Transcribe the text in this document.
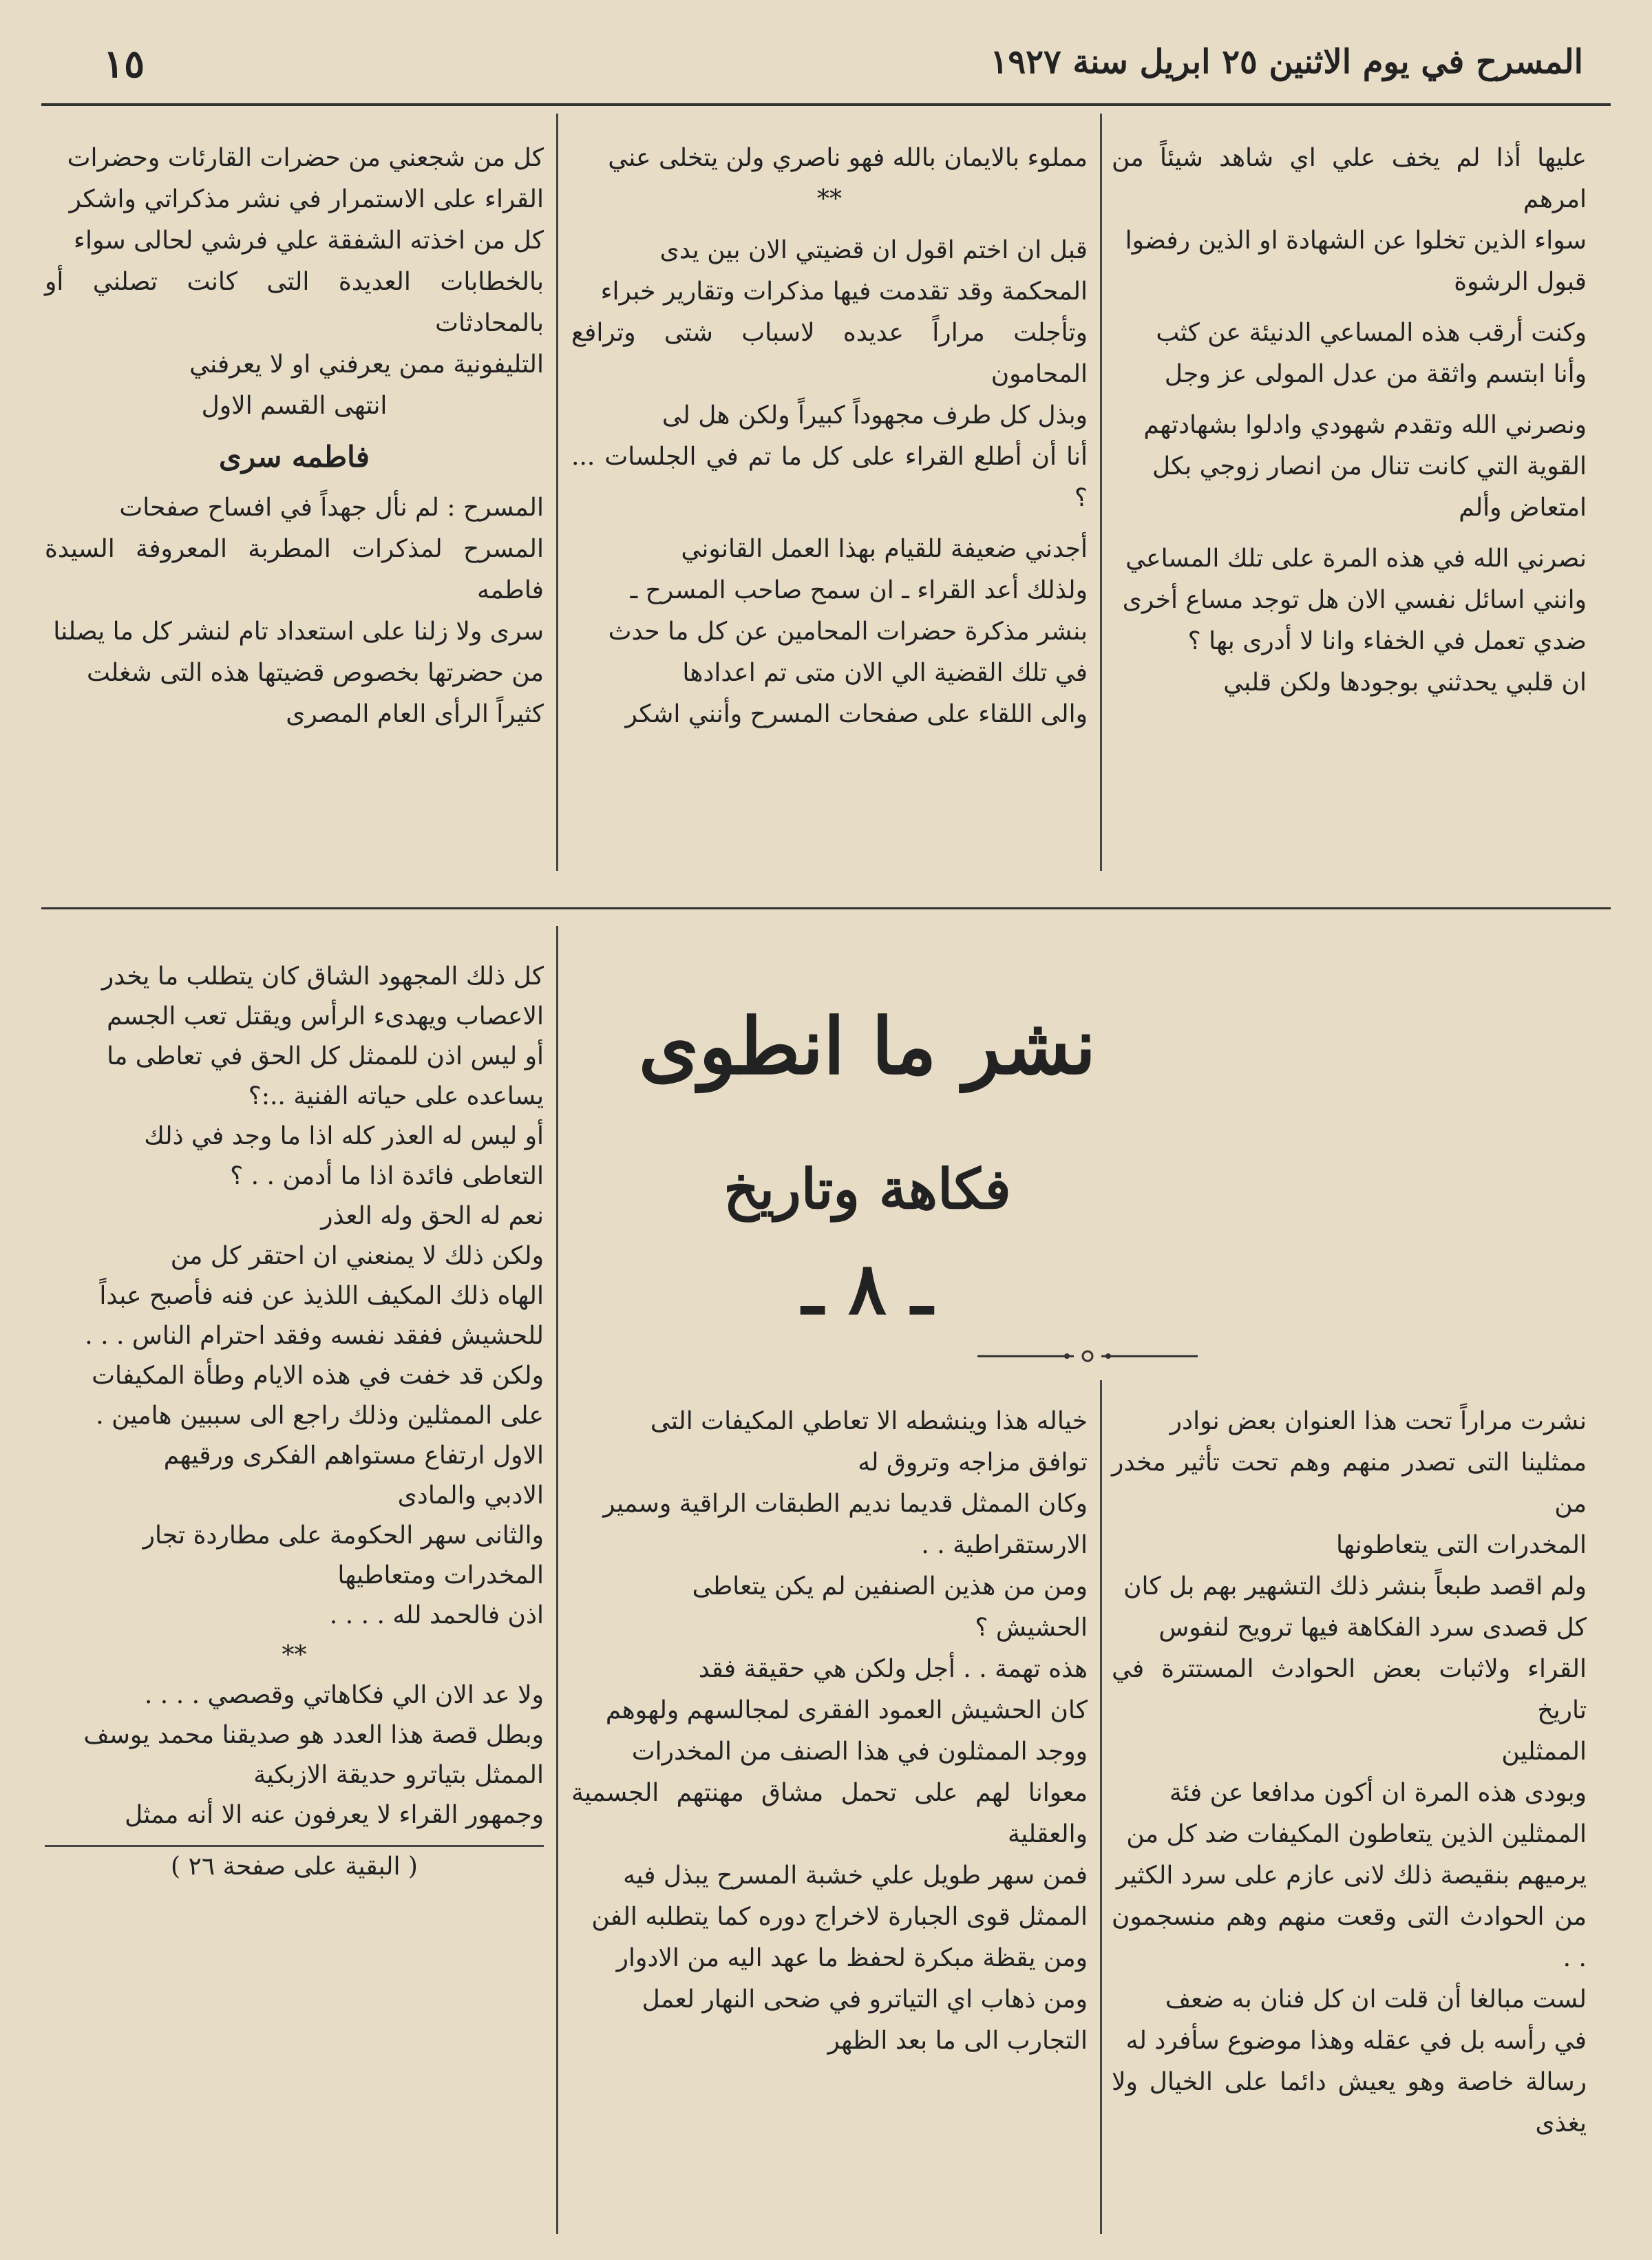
١٥	المسرح في يوم الاثنين ٢٥ ابريل سنة ١٩٢٧

عليها أذا لم يخف علي اي شاهد شيئاً من امرهم

سواء الذين تخلوا عن الشهادة او الذين رفضوا

قبول الرشوة

وكنت أرقب هذه المساعي الدنيئة عن كثب

وأنا ابتسم واثقة من عدل المولى عز وجل

ونصرني الله وتقدم شهودي وادلوا بشهادتهم

القوية التي كانت تنال من انصار زوجي بكل

امتعاض وألم

نصرني الله في هذه المرة على تلك المساعي

وانني اسائل نفسي الان هل توجد مساع أخرى

ضدي تعمل في الخفاء وانا لا أدرى بها ؟

ان قلبي يحدثني بوجودها ولكن قلبي

مملوء بالايمان بالله فهو ناصري ولن يتخلى عني

*‏*

قبل ان اختم اقول ان قضيتي الان بين يدى

المحكمة وقد تقدمت فيها مذكرات وتقارير خبراء

وتأجلت مراراً عديده لاسباب شتى وترافع المحامون

وبذل كل طرف مجهوداً كبيراً ولكن هل لى

أنا أن أطلع القراء على كل ما تم في الجلسات ... ؟

أجدني ضعيفة للقيام بهذا العمل القانوني

ولذلك أعد القراء ـ ان سمح صاحب المسرح ـ

بنشر مذكرة حضرات المحامين عن كل ما حدث

في تلك القضية الي الان متى تم اعدادها

والى اللقاء على صفحات المسرح وأنني اشكر

كل من شجعني من حضرات القارئات وحضرات

القراء على الاستمرار في نشر مذكراتي واشكر

كل من اخذته الشفقة علي فرشي لحالى سواء

بالخطابات العديدة التى كانت تصلني أو بالمحادثات

التليفونية ممن يعرفني او لا يعرفني

انتهى القسم الاول

فاطمه سرى

المسرح : لم نأل جهداً في افساح صفحات

المسرح لمذكرات المطربة المعروفة السيدة فاطمه

سرى ولا زلنا على استعداد تام لنشر كل ما يصلنا

من حضرتها بخصوص قضيتها هذه التى شغلت

كثيراً الرأى العام المصرى

نشر ما انطوى
فكاهة وتاريخ
ـ ٨ ـ

نشرت مراراً تحت هذا العنوان بعض نوادر

ممثلينا التى تصدر منهم وهم تحت تأثير مخدر من

المخدرات التى يتعاطونها

ولم اقصد طبعاً بنشر ذلك التشهير بهم بل كان

كل قصدى سرد الفكاهة فيها ترويح لنفوس

القراء ولاثبات بعض الحوادث المستترة في تاريخ

الممثلين

وبودى هذه المرة ان أكون مدافعا عن فئة

الممثلين الذين يتعاطون المكيفات ضد كل من

يرميهم بنقيصة ذلك لانى عازم على سرد الكثير

من الحوادث التى وقعت منهم وهم منسجمون . .

لست مبالغا أن قلت ان كل فنان به ضعف

في رأسه بل في عقله وهذا موضوع سأفرد له

رسالة خاصة وهو يعيش دائما على الخيال ولا يغذى

خياله هذا وينشطه الا تعاطي المكيفات التى

توافق مزاجه وتروق له

وكان الممثل قديما نديم الطبقات الراقية وسمير

الارستقراطية . .

ومن من هذين الصنفين لم يكن يتعاطى

الحشيش ؟

هذه تهمة . . أجل ولكن هي حقيقة فقد

كان الحشيش العمود الفقرى لمجالسهم ولهوهم

ووجد الممثلون في هذا الصنف من المخدرات

معوانا لهم على تحمل مشاق مهنتهم الجسمية والعقلية

فمن سهر طويل علي خشبة المسرح يبذل فيه

الممثل قوى الجبارة لاخراج دوره كما يتطلبه الفن

ومن يقظة مبكرة لحفظ ما عهد اليه من الادوار

ومن ذهاب اي التياترو في ضحى النهار لعمل

التجارب الى ما بعد الظهر

كل ذلك المجهود الشاق كان يتطلب ما يخدر

الاعصاب ويهدىء الرأس ويقتل تعب الجسم

أو ليس اذن للممثل كل الحق في تعاطى ما

يساعده على حياته الفنية ..:؟

أو ليس له العذر كله اذا ما وجد في ذلك

التعاطى فائدة اذا ما أدمن . . ؟

نعم له الحق وله العذر

ولكن ذلك لا يمنعني ان احتقر كل من

الهاه ذلك المكيف اللذيذ عن فنه فأصبح عبداً

للحشيش ففقد نفسه وفقد احترام الناس . . .

ولكن قد خفت في هذه الايام وطأة المكيفات

على الممثلين وذلك راجع الى سببين هامين .

الاول ارتفاع مستواهم الفكرى ورقيهم

الادبي والمادى

والثانى سهر الحكومة على مطاردة تجار

المخدرات ومتعاطيها

اذن فالحمد لله . . . .

*‏*

ولا عد الان الي فكاهاتي وقصصي . . . .

وبطل قصة هذا العدد هو صديقنا محمد يوسف

الممثل بتياترو حديقة الازبكية

وجمهور القراء لا يعرفون عنه الا أنه ممثل

( البقية على صفحة ٢٦ )
